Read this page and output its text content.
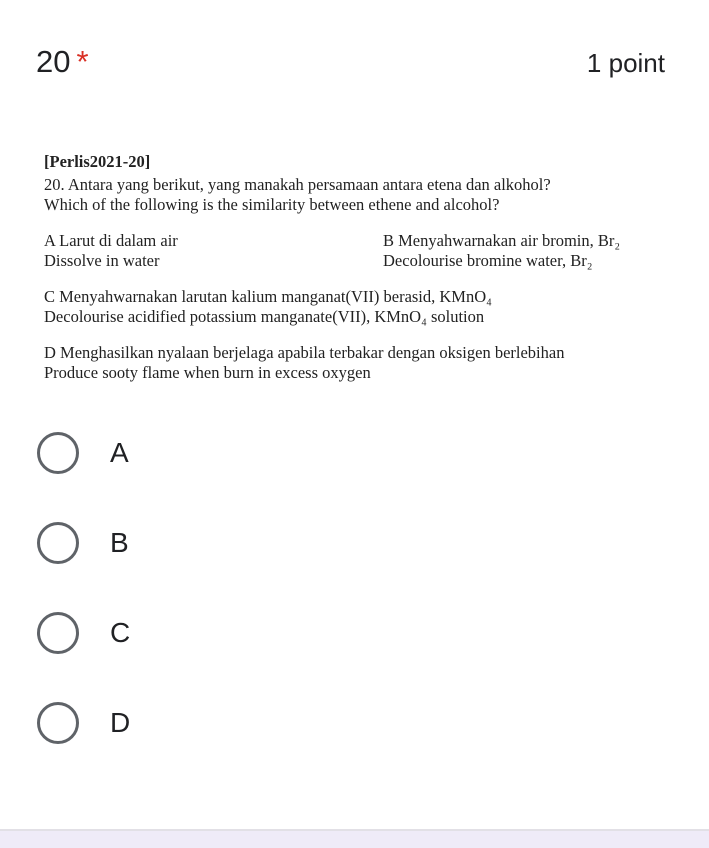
20 *	1 point
[Perlis2021-20]
20. Antara yang berikut, yang manakah persamaan antara etena dan alkohol?
Which of the following is the similarity between ethene and alcohol?
A Larut di dalam air
Dissolve in water
B Menyahwarnakan air bromin, Br₂
Decolourise bromine water, Br₂
C Menyahwarnakan larutan kalium manganat(VII) berasid, KMnO₄
Decolourise acidified potassium manganate(VII), KMnO₄ solution
D Menghasilkan nyalaan berjelaga apabila terbakar dengan oksigen berlebihan
Produce sooty flame when burn in excess oxygen
A
B
C
D
